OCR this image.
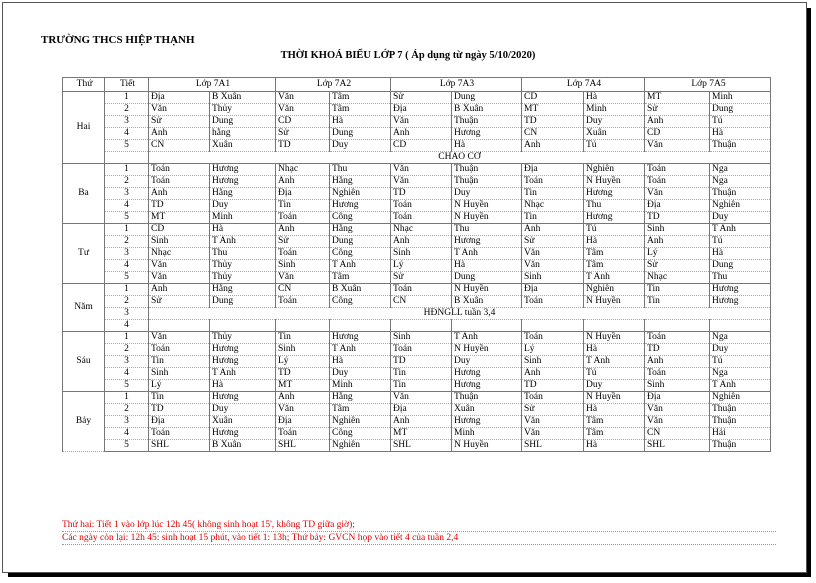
TRƯỜNG THCS HIỆP THẠNH
THỜI KHOÁ BIỂU LỚP 7 ( Áp dụng từ ngày 5/10/2020)
Thứ	Tiết	Lớp 7A1		Lớp 7A2		Lớp 7A3		Lớp 7A4		Lớp 7A5	
Hai	1	Địa	B Xuân	Văn	Tâm	Sử	Dung	CD	Hà	MT	Minh
	2	Văn	Thủy	Văn	Tâm	Địa	B Xuân	MT	Minh	Sử	Dung
	3	Sử	Dung	CD	Hà	Văn	Thuận	TD	Duy	Anh	Tú
	4	Anh	hằng	Sử	Dung	Anh	Hương	CN	Xuân	CD	Hà
	5	CN	Xuân	TD	Duy	CD	Hà	Anh	Tú	Văn	Thuận
		CHÀO CỜ									
Ba	1	Toán	Hương	Nhạc	Thu	Văn	Thuận	Địa	Nghiên	Toán	Nga
	2	Toán	Hương	Anh	Hằng	Văn	Thuận	Toán	N Huyền	Toán	Nga
	3	Anh	Hằng	Địa	Nghiên	TD	Duy	Tin	Hương	Văn	Thuận
	4	TD	Duy	Tin	Hương	Toán	N Huyền	Nhạc	Thu	Địa	Nghiên
	5	MT	Minh	Toán	Công	Toán	N Huyền	Tin	Hương	TD	Duy
Tư	1	CD	Hà	Anh	Hằng	Nhạc	Thu	Anh	Tú	Sinh	T Anh
	2	Sinh	T Anh	Sử	Dung	Anh	Hương	Sử	Hà	Anh	Tú
	3	Nhạc	Thu	Toán	Công	Sinh	T Anh	Văn	Tâm	Lý	Hà
	4	Văn	Thủy	Sinh	T Anh	Lý	Hà	Văn	Tâm	Sử	Dung
	5	Văn	Thủy	Văn	Tâm	Sử	Dung	Sinh	T Anh	Nhạc	Thu
Năm	1	Anh	Hằng	CN	B Xuân	Toán	N Huyền	Địa	Nghiên	Tin	Hương
	2	Sử	Dung	Toán	Công	CN	B Xuân	Toán	N Huyền	Tin	Hương
	3	HĐNGLL tuần 3,4									
	4										
Sáu	1	Văn	Thủy	Tin	Hương	Sinh	T Anh	Toán	N Huyền	Toán	Nga
	2	Toán	Hương	Sinh	T Anh	Toán	N Huyền	Lý	Hà	TD	Duy
	3	Tin	Hương	Lý	Hà	TD	Duy	Sinh	T Anh	Anh	Tú
	4	Sinh	T Anh	TD	Duy	Tin	Hương	Anh	Tú	Toán	Nga
	5	Lý	Hà	MT	Minh	Tin	Hương	TD	Duy	Sinh	T Anh
Bảy	1	Tin	Hương	Anh	Hằng	Văn	Thuận	Toán	N Huyền	Địa	Nghiên
	2	TD	Duy	Văn	Tâm	Địa	Xuân	Sử	Hà	Văn	Thuận
	3	Địa	Xuân	Địa	Nghiên	Anh	Hương	Văn	Tâm	Văn	Thuận
	4	Toán	Hương	Toán	Công	MT	Minh	Văn	Tâm	CN	Hải
	5	SHL	B Xuân	SHL	Nghiên	SHL	N Huyền	SHL	Hà	SHL	Thuận
Thứ hai: Tiết 1 vào lớp lúc 12h 45( không sinh hoạt 15', không TD giữa giờ);
Các ngày còn lại: 12h 45: sinh hoạt 15 phút, vào tiết 1: 13h; Thứ bảy: GVCN họp vào tiết 4 của tuần 2,4
